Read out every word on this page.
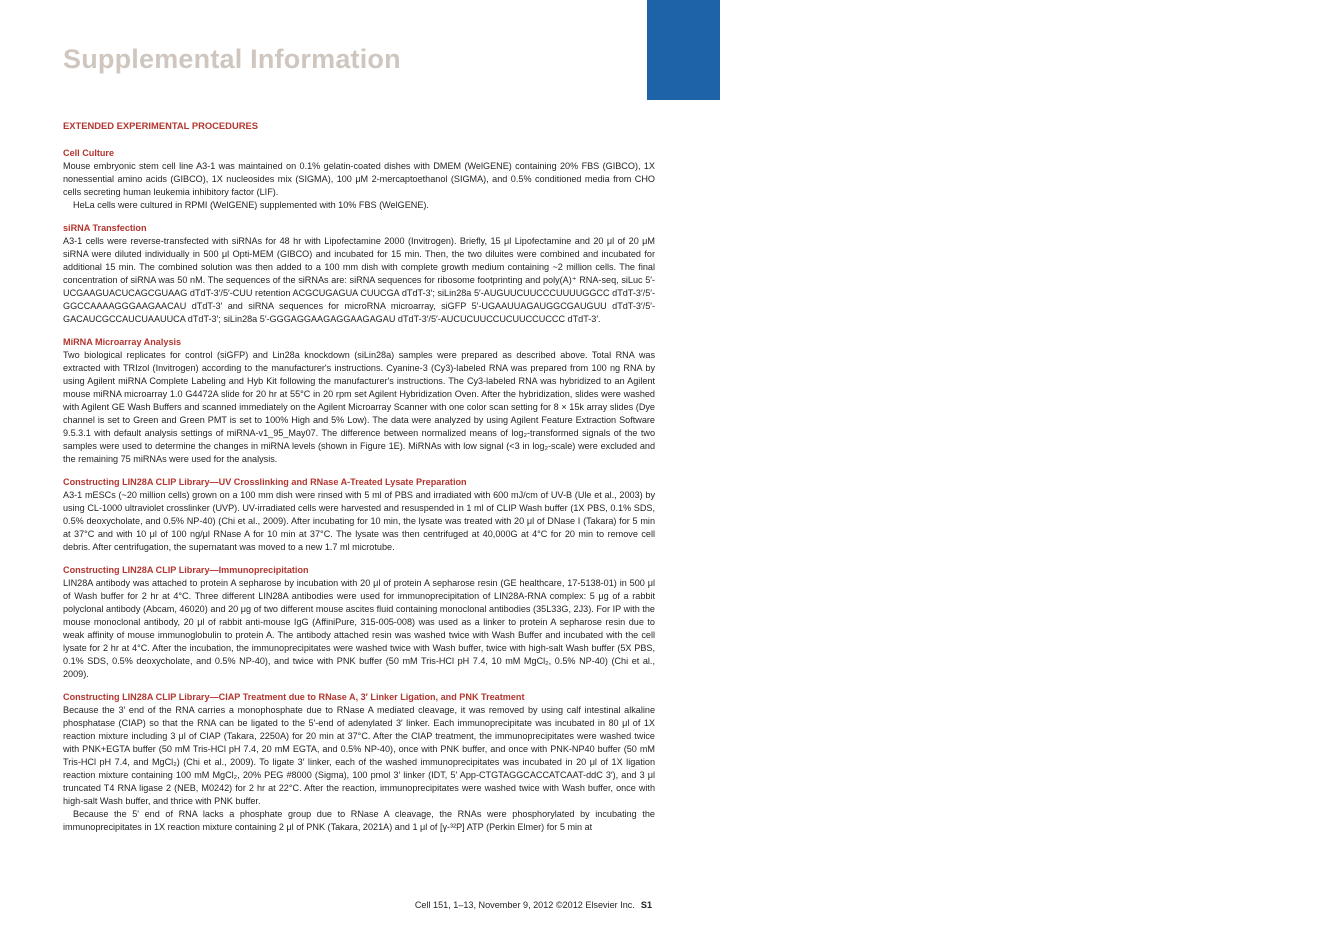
Cell
Supplemental Information
EXTENDED EXPERIMENTAL PROCEDURES
Cell Culture

Mouse embryonic stem cell line A3-1 was maintained on 0.1% gelatin-coated dishes with DMEM (WelGENE) containing 20% FBS (GIBCO), 1X nonessential amino acids (GIBCO), 1X nucleosides mix (SIGMA), 100 μM 2-mercaptoethanol (SIGMA), and 0.5% conditioned media from CHO cells secreting human leukemia inhibitory factor (LIF).

HeLa cells were cultured in RPMI (WelGENE) supplemented with 10% FBS (WelGENE).

siRNA Transfection

A3-1 cells were reverse-transfected with siRNAs for 48 hr with Lipofectamine 2000 (Invitrogen). Briefly, 15 μl Lipofectamine and 20 μl of 20 μM siRNA were diluted individually in 500 μl Opti-MEM (GIBCO) and incubated for 15 min. Then, the two diluites were combined and incubated for additional 15 min. The combined solution was then added to a 100 mm dish with complete growth medium containing ~2 million cells. The final concentration of siRNA was 50 nM. The sequences of the siRNAs are: siRNA sequences for ribosome footprinting and poly(A)⁺ RNA-seq, siLuc 5′-UCGAAGUACUCAGCGUAAG dTdT-3′/5′-CUU retention ACGCUGAGUA CUUCGA dTdT-3′; siLin28a 5′-AUGUUCUUCCCUUUUGGCC dTdT-3′/5′-GGCCAAAAGGGAAGAACAU dTdT-3′ and siRNA sequences for microRNA microarray, siGFP 5′-UGAAUUAGAUGGCGAUGUU dTdT-3′/5′-GACAUCGCCAUCUAAUUCA dTdT-3′; siLin28a 5′-GGGAGGAAGAGGAAGAGAU dTdT-3′/5′-AUCUCUUCCUCUUCCUCCC dTdT-3′.

MiRNA Microarray Analysis

Two biological replicates for control (siGFP) and Lin28a knockdown (siLin28a) samples were prepared as described above. Total RNA was extracted with TRIzol (Invitrogen) according to the manufacturer's instructions. Cyanine-3 (Cy3)-labeled RNA was prepared from 100 ng RNA by using Agilent miRNA Complete Labeling and Hyb Kit following the manufacturer's instructions. The Cy3-labeled RNA was hybridized to an Agilent mouse miRNA microarray 1.0 G4472A slide for 20 hr at 55°C in 20 rpm set Agilent Hybridization Oven. After the hybridization, slides were washed with Agilent GE Wash Buffers and scanned immediately on the Agilent Microarray Scanner with one color scan setting for 8 × 15k array slides (Dye channel is set to Green and Green PMT is set to 100% High and 5% Low). The data were analyzed by using Agilent Feature Extraction Software 9.5.3.1 with default analysis settings of miRNA-v1_95_May07. The difference between normalized means of log₂-transformed signals of the two samples were used to determine the changes in miRNA levels (shown in Figure 1E). MiRNAs with low signal (<3 in log₂-scale) were excluded and the remaining 75 miRNAs were used for the analysis.

Constructing LIN28A CLIP Library—UV Crosslinking and RNase A-Treated Lysate Preparation

A3-1 mESCs (~20 million cells) grown on a 100 mm dish were rinsed with 5 ml of PBS and irradiated with 600 mJ/cm of UV-B (Ule et al., 2003) by using CL-1000 ultraviolet crosslinker (UVP). UV-irradiated cells were harvested and resuspended in 1 ml of CLIP Wash buffer (1X PBS, 0.1% SDS, 0.5% deoxycholate, and 0.5% NP-40) (Chi et al., 2009). After incubating for 10 min, the lysate was treated with 20 μl of DNase I (Takara) for 5 min at 37°C and with 10 μl of 100 ng/μl RNase A for 10 min at 37°C. The lysate was then centrifuged at 40,000G at 4°C for 20 min to remove cell debris. After centrifugation, the supernatant was moved to a new 1.7 ml microtube.

Constructing LIN28A CLIP Library—Immunoprecipitation

LIN28A antibody was attached to protein A sepharose by incubation with 20 μl of protein A sepharose resin (GE healthcare, 17-5138-01) in 500 μl of Wash buffer for 2 hr at 4°C. Three different LIN28A antibodies were used for immunoprecipitation of LIN28A-RNA complex: 5 μg of a rabbit polyclonal antibody (Abcam, 46020) and 20 μg of two different mouse ascites fluid containing monoclonal antibodies (35L33G, 2J3). For IP with the mouse monoclonal antibody, 20 μl of rabbit anti-mouse IgG (AffiniPure, 315-005-008) was used as a linker to protein A sepharose resin due to weak affinity of mouse immunoglobulin to protein A. The antibody attached resin was washed twice with Wash Buffer and incubated with the cell lysate for 2 hr at 4°C. After the incubation, the immunoprecipitates were washed twice with Wash buffer, twice with high-salt Wash buffer (5X PBS, 0.1% SDS, 0.5% deoxycholate, and 0.5% NP-40), and twice with PNK buffer (50 mM Tris-HCl pH 7.4, 10 mM MgCl₂, 0.5% NP-40) (Chi et al., 2009).

Constructing LIN28A CLIP Library—CIAP Treatment due to RNase A, 3′ Linker Ligation, and PNK Treatment

Because the 3′ end of the RNA carries a monophosphate due to RNase A mediated cleavage, it was removed by using calf intestinal alkaline phosphatase (CIAP) so that the RNA can be ligated to the 5′-end of adenylated 3′ linker. Each immunoprecipitate was incubated in 80 μl of 1X reaction mixture including 3 μl of CIAP (Takara, 2250A) for 20 min at 37°C. After the CIAP treatment, the immunoprecipitates were washed twice with PNK+EGTA buffer (50 mM Tris-HCl pH 7.4, 20 mM EGTA, and 0.5% NP-40), once with PNK buffer, and once with PNK-NP40 buffer (50 mM Tris-HCl pH 7.4, and MgCl₂) (Chi et al., 2009). To ligate 3′ linker, each of the washed immunoprecipitates was incubated in 20 μl of 1X ligation reaction mixture containing 100 mM MgCl₂, 20% PEG #8000 (Sigma), 100 pmol 3′ linker (IDT, 5′ App-CTGTAGGCACCATCAAT-ddC 3′), and 3 μl truncated T4 RNA ligase 2 (NEB, M0242) for 2 hr at 22°C. After the reaction, immunoprecipitates were washed twice with Wash buffer, once with high-salt Wash buffer, and thrice with PNK buffer.

Because the 5′ end of RNA lacks a phosphate group due to RNase A cleavage, the RNAs were phosphorylated by incubating the immunoprecipitates in 1X reaction mixture containing 2 μl of PNK (Takara, 2021A) and 1 μl of [γ-³²P] ATP (Perkin Elmer) for 5 min at

Cell 151, 1–13, November 9, 2012 ©2012 Elsevier Inc. S1
